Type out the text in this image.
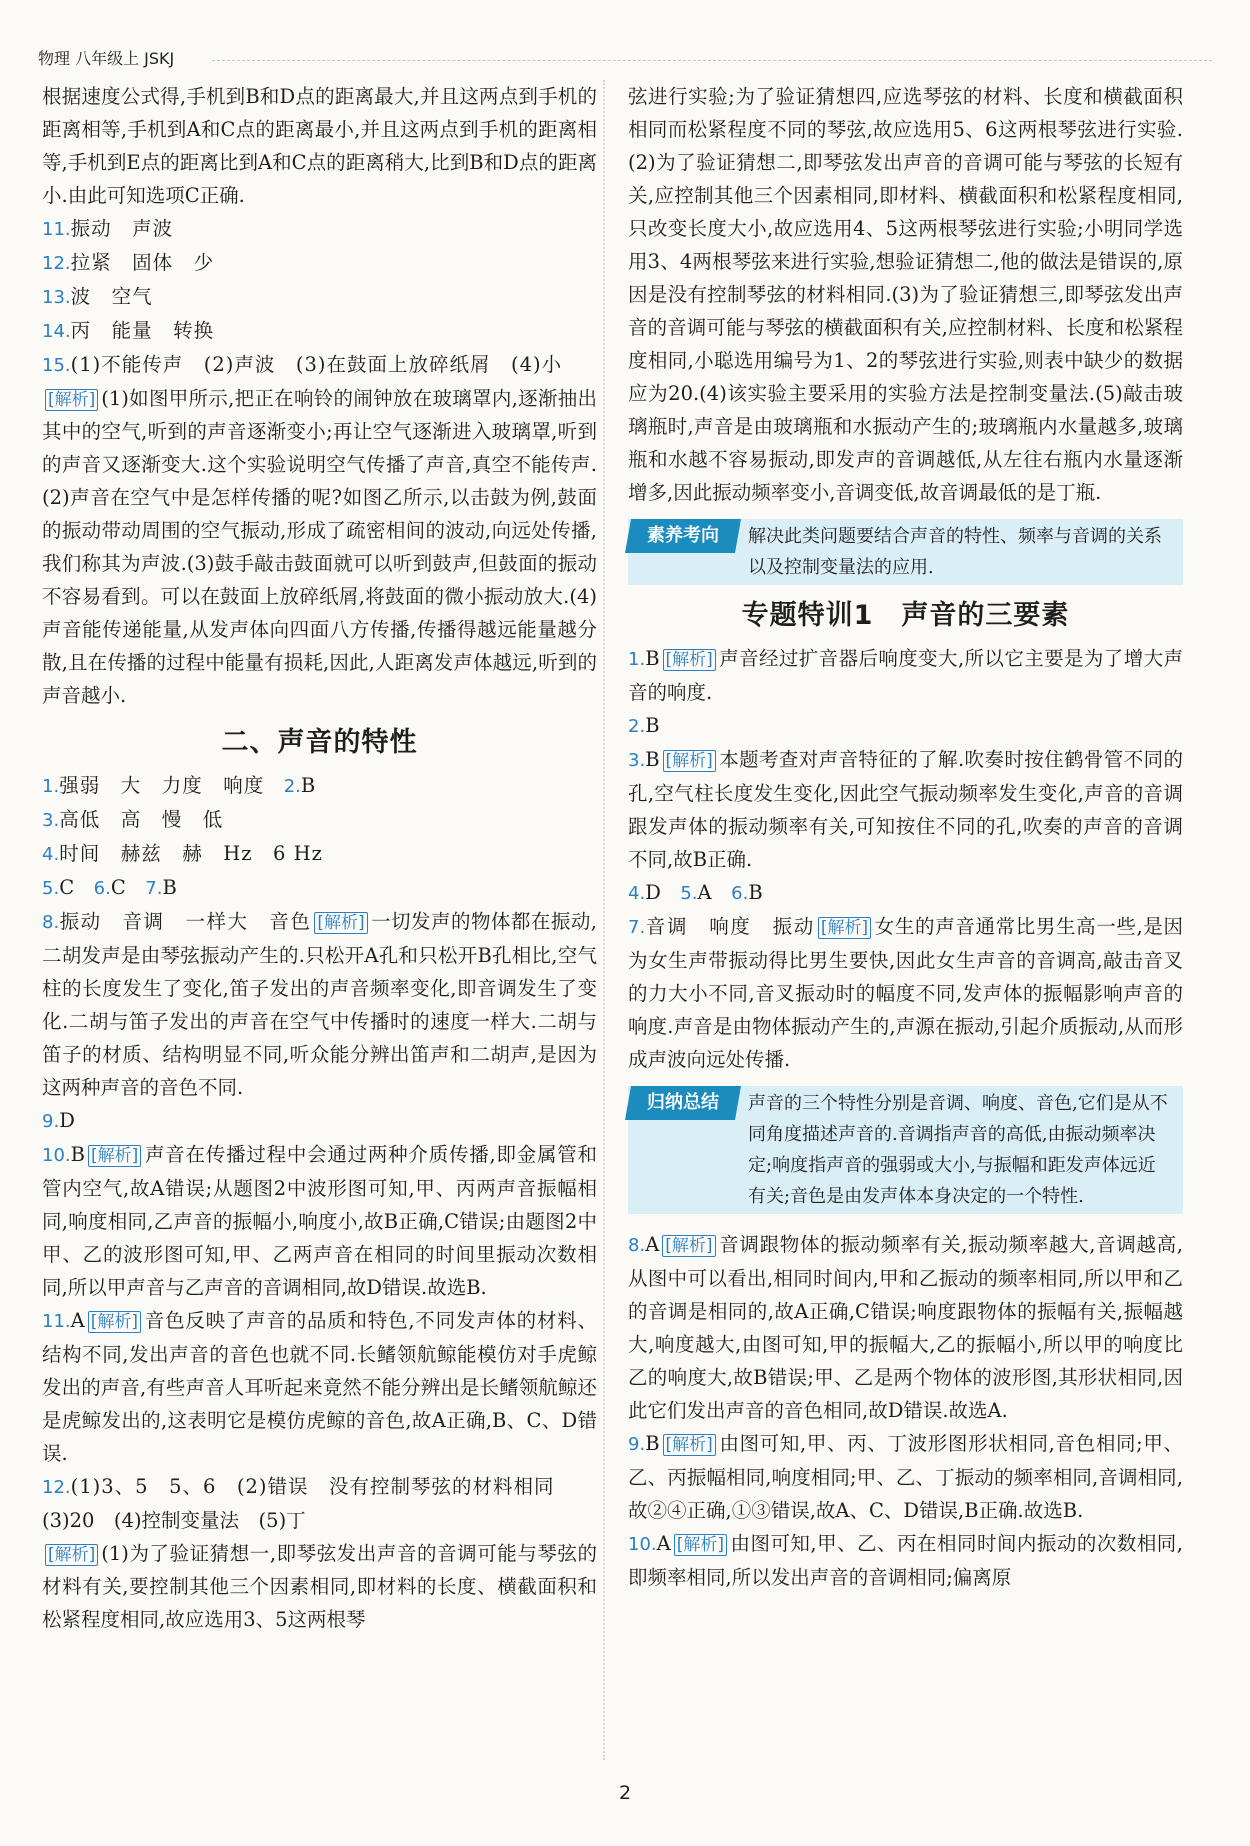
物理 八年级上 JSKJ

根据速度公式得,手机到B和D点的距离最大,并且这两点到手机的距离相等,手机到A和C点的距离最小,并且这两点到手机的距离相等,手机到E点的距离比到A和C点的距离稍大,比到B和D点的距离小.由此可知选项C正确.

11.振动　声波
12.拉紧　固体　少
13.波　空气
14.丙　能量　转换
15.(1)不能传声　(2)声波　(3)在鼓面上放碎纸屑　(4)小

[解析] (1)如图甲所示,把正在响铃的闹钟放在玻璃罩内,逐渐抽出其中的空气,听到的声音逐渐变小;再让空气逐渐进入玻璃罩,听到的声音又逐渐变大.这个实验说明空气传播了声音,真空不能传声.(2)声音在空气中是怎样传播的呢?如图乙所示,以击鼓为例,鼓面的振动带动周围的空气振动,形成了疏密相间的波动,向远处传播,我们称其为声波.(3)鼓手敲击鼓面就可以听到鼓声,但鼓面的振动不容易看到。可以在鼓面上放碎纸屑,将鼓面的微小振动放大.(4)声音能传递能量,从发声体向四面八方传播,传播得越远能量越分散,且在传播的过程中能量有损耗,因此,人距离发声体越远,听到的声音越小.

二、声音的特性
1.强弱　大　力度　响度　 2.B
3.高低　高　慢　低
4.时间　赫兹　赫　Hz　6 Hz
5.C　 6.C　 7.B

8.振动　音调　一样大　音色 [解析] 一切发声的物体都在振动,二胡发声是由琴弦振动产生的.只松开A孔和只松开B孔相比,空气柱的长度发生了变化,笛子发出的声音频率变化,即音调发生了变化.二胡与笛子发出的声音在空气中传播时的速度一样大.二胡与笛子的材质、结构明显不同,听众能分辨出笛声和二胡声,是因为这两种声音的音色不同.

9.D

10.B [解析] 声音在传播过程中会通过两种介质传播,即金属管和管内空气,故A错误;从题图2中波形图可知,甲、丙两声音振幅相同,响度相同,乙声音的振幅小,响度小,故B正确,C错误;由题图2中甲、乙的波形图可知,甲、乙两声音在相同的时间里振动次数相同,所以甲声音与乙声音的音调相同,故D错误.故选B.

11.A [解析] 音色反映了声音的品质和特色,不同发声体的材料、结构不同,发出声音的音色也就不同.长鳍领航鲸能模仿对手虎鲸发出的声音,有些声音人耳听起来竟然不能分辨出是长鳍领航鲸还是虎鲸发出的,这表明它是模仿虎鲸的音色,故A正确,B、C、D错误.

12.(1)3、5　5、6　(2)错误　没有控制琴弦的材料相同
(3)20　(4)控制变量法　(5)丁

[解析] (1)为了验证猜想一,即琴弦发出声音的音调可能与琴弦的材料有关,要控制其他三个因素相同,即材料的长度、横截面积和松紧程度相同,故应选用3、5这两根琴

弦进行实验;为了验证猜想四,应选琴弦的材料、长度和横截面积相同而松紧程度不同的琴弦,故应选用5、6这两根琴弦进行实验.(2)为了验证猜想二,即琴弦发出声音的音调可能与琴弦的长短有关,应控制其他三个因素相同,即材料、横截面积和松紧程度相同,只改变长度大小,故应选用4、5这两根琴弦进行实验;小明同学选用3、4两根琴弦来进行实验,想验证猜想二,他的做法是错误的,原因是没有控制琴弦的材料相同.(3)为了验证猜想三,即琴弦发出声音的音调可能与琴弦的横截面积有关,应控制材料、长度和松紧程度相同,小聪选用编号为1、2的琴弦进行实验,则表中缺少的数据应为20.(4)该实验主要采用的实验方法是控制变量法.(5)敲击玻璃瓶时,声音是由玻璃瓶和水振动产生的;玻璃瓶内水量越多,玻璃瓶和水越不容易振动,即发声的音调越低,从左往右瓶内水量逐渐增多,因此振动频率变小,音调变低,故音调最低的是丁瓶.

素养考向	解决此类问题要结合声音的特性、频率与音调的关系以及控制变量法的应用.
专题特训1　声音的三要素

1.B [解析] 声音经过扩音器后响度变大,所以它主要是为了增大声音的响度.

2.B

3.B [解析] 本题考查对声音特征的了解.吹奏时按住鹤骨管不同的孔,空气柱长度发生变化,因此空气振动频率发生变化,声音的音调跟发声体的振动频率有关,可知按住不同的孔,吹奏的声音的音调不同,故B正确.

4.D　 5.A　 6.B

7.音调　响度　振动 [解析] 女生的声音通常比男生高一些,是因为女生声带振动得比男生要快,因此女生声音的音调高,敲击音叉的力大小不同,音叉振动时的幅度不同,发声体的振幅影响声音的响度.声音是由物体振动产生的,声源在振动,引起介质振动,从而形成声波向远处传播.

归纳总结	声音的三个特性分别是音调、响度、音色,它们是从不同角度描述声音的.音调指声音的高低,由振动频率决定;响度指声音的强弱或大小,与振幅和距发声体远近有关;音色是由发声体本身决定的一个特性.

8.A [解析] 音调跟物体的振动频率有关,振动频率越大,音调越高,从图中可以看出,相同时间内,甲和乙振动的频率相同,所以甲和乙的音调是相同的,故A正确,C错误;响度跟物体的振幅有关,振幅越大,响度越大,由图可知,甲的振幅大,乙的振幅小,所以甲的响度比乙的响度大,故B错误;甲、乙是两个物体的波形图,其形状相同,因此它们发出声音的音色相同,故D错误.故选A.

9.B [解析] 由图可知,甲、丙、丁波形图形状相同,音色相同;甲、乙、丙振幅相同,响度相同;甲、乙、丁振动的频率相同,音调相同,故②④正确,①③错误,故A、C、D错误,B正确.故选B.

10.A [解析] 由图可知,甲、乙、丙在相同时间内振动的次数相同,即频率相同,所以发出声音的音调相同;偏离原

2
